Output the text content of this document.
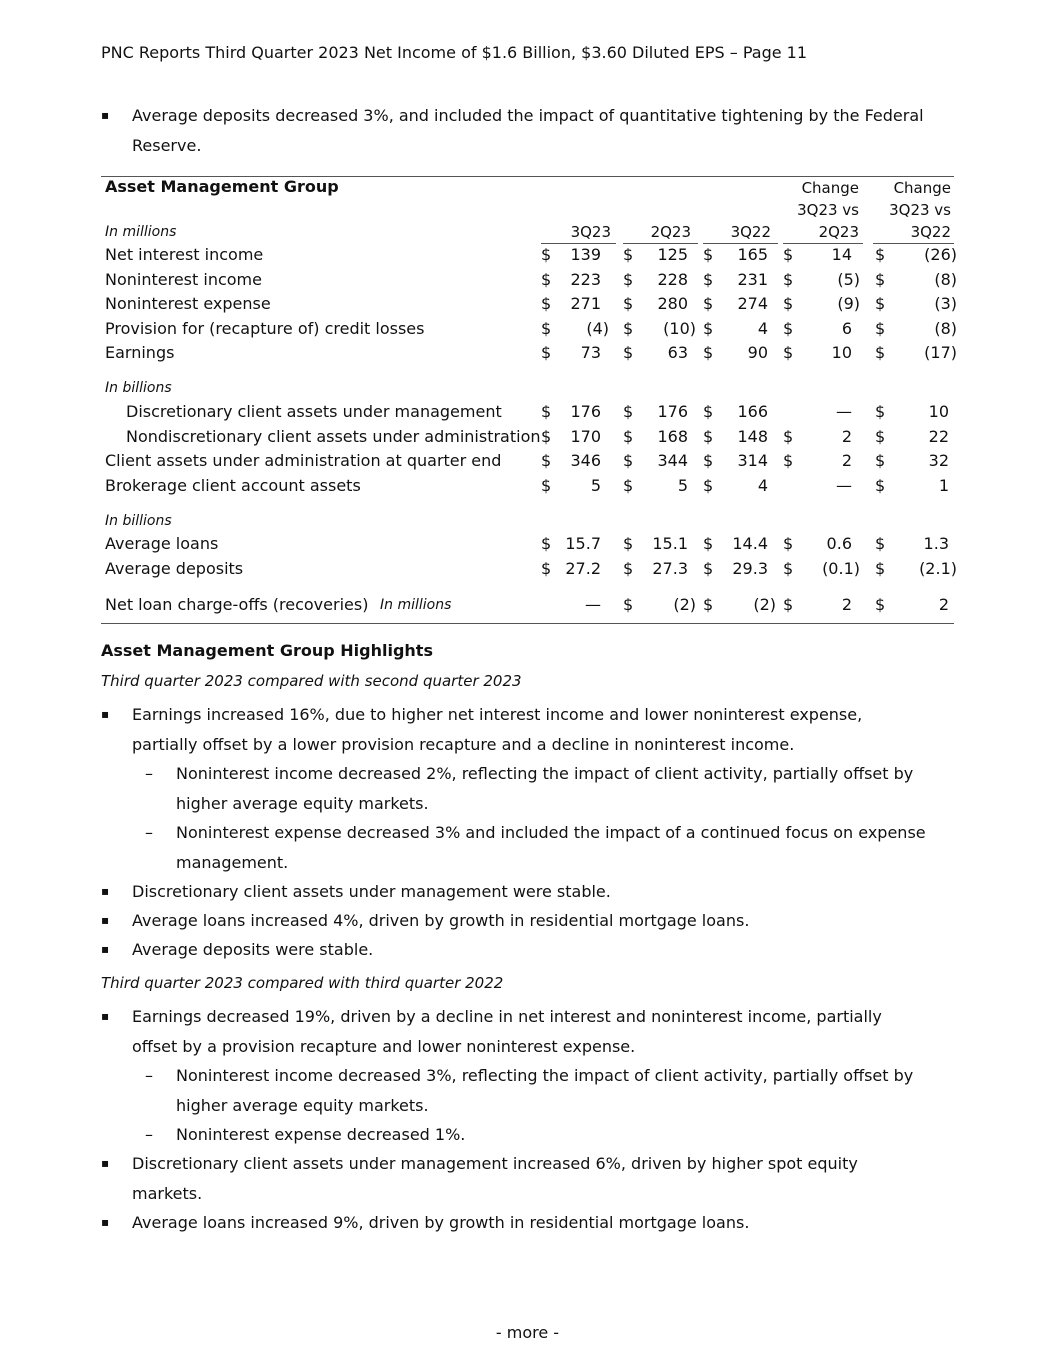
PNC Reports Third Quarter 2023 Net Income of $1.6 Billion, $3.60 Diluted EPS – Page 11
▪ Average deposits decreased 3%, and included the impact of quantitative tightening by the Federal
Reserve.
Asset Management Group	Change
3Q23 vs
2Q23
Change
3Q23 vs
3Q22
In millions	3Q23	2Q23	3Q22
Net interest income	$ 139 $ 125 $ 165 $ 14 $ (26)
Noninterest income	$ 223 $ 228 $ 231 $	(5) $	(8)
Noninterest expense	$ 271 $ 280 $ 274 $	(9) $	(3)
Provision for (recapture of) credit losses	$ (4) $ (10) $	4 $	6 $	(8)
Earnings	$ 73 $ 63 $ 90 $ 10 $ (17)
In billions
Discretionary client assets under management $ 176 $ 176 $ 166	— $	10
Nondiscretionary client assets under administration $ 170 $ 168 $ 148 $	2 $	22
Client assets under administration at quarter end $ 346 $ 344 $ 314 $	2 $	32
Brokerage client account assets	$ 5 $	5 $	4	— $	1
In billions
Average loans	$ 15.7 $ 15.1 $ 14.4 $ 0.6 $ 1.3
Average deposits	$ 27.2 $ 27.3 $ 29.3 $ (0.1) $ (2.1)
Net loan charge-offs (recoveries) In millions	— $	(2) $	(2) $	2 $	2
Asset Management Group Highlights
Third quarter 2023 compared with second quarter 2023
▪ Earnings increased 16%, due to higher net interest income and lower noninterest expense,
partially offset by a lower provision recapture and a decline in noninterest income.
– Noninterest income decreased 2%, reflecting the impact of client activity, partially offset by
higher average equity markets.
– Noninterest expense decreased 3% and included the impact of a continued focus on expense
management.
▪ Discretionary client assets under management were stable.
▪ Average loans increased 4%, driven by growth in residential mortgage loans.
▪ Average deposits were stable.
Third quarter 2023 compared with third quarter 2022
▪ Earnings decreased 19%, driven by a decline in net interest and noninterest income, partially
offset by a provision recapture and lower noninterest expense.
– Noninterest income decreased 3%, reflecting the impact of client activity, partially offset by
higher average equity markets.
– Noninterest expense decreased 1%.
▪ Discretionary client assets under management increased 6%, driven by higher spot equity
markets.
▪ Average loans increased 9%, driven by growth in residential mortgage loans.
- more -
